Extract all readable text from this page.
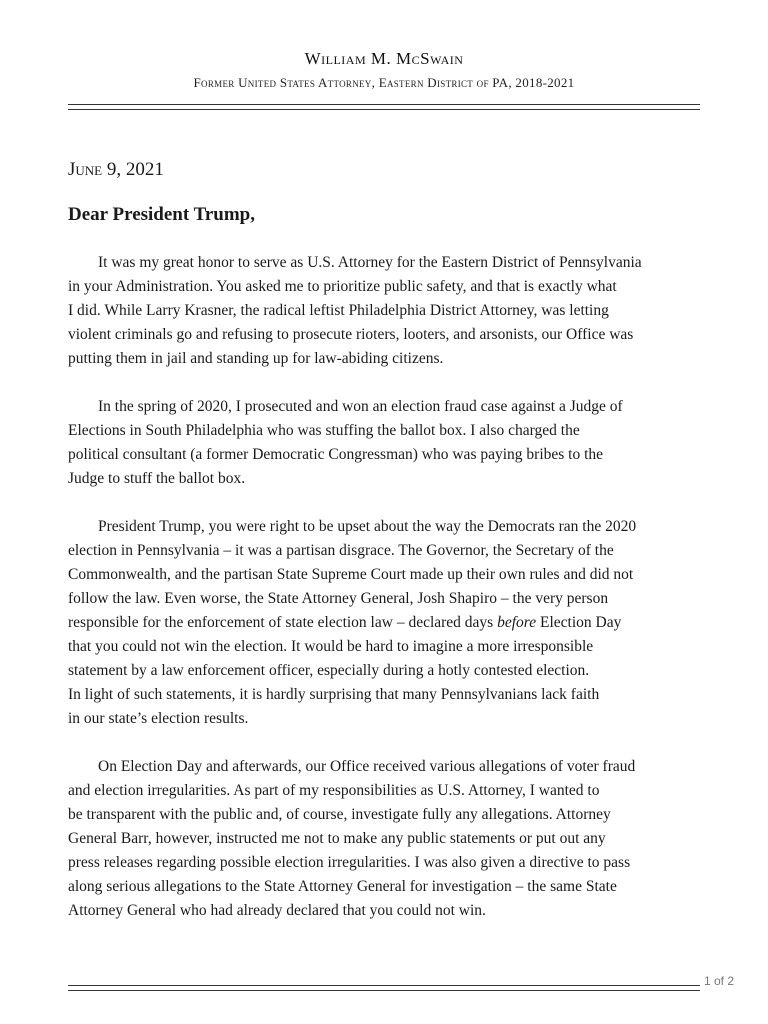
William M. McSwain
Former United States Attorney, Eastern District of PA, 2018-2021
June 9, 2021
Dear President Trump,
It was my great honor to serve as U.S. Attorney for the Eastern District of Pennsylvania
in your Administration. You asked me to prioritize public safety, and that is exactly what
I did. While Larry Krasner, the radical leftist Philadelphia District Attorney, was letting
violent criminals go and refusing to prosecute rioters, looters, and arsonists, our Office was
putting them in jail and standing up for law-abiding citizens.
In the spring of 2020, I prosecuted and won an election fraud case against a Judge of
Elections in South Philadelphia who was stuffing the ballot box. I also charged the
political consultant (a former Democratic Congressman) who was paying bribes to the
Judge to stuff the ballot box.
President Trump, you were right to be upset about the way the Democrats ran the 2020
election in Pennsylvania – it was a partisan disgrace. The Governor, the Secretary of the
Commonwealth, and the partisan State Supreme Court made up their own rules and did not
follow the law. Even worse, the State Attorney General, Josh Shapiro – the very person
responsible for the enforcement of state election law – declared days before Election Day
that you could not win the election. It would be hard to imagine a more irresponsible
statement by a law enforcement officer, especially during a hotly contested election.
In light of such statements, it is hardly surprising that many Pennsylvanians lack faith
in our state’s election results.
On Election Day and afterwards, our Office received various allegations of voter fraud
and election irregularities. As part of my responsibilities as U.S. Attorney, I wanted to
be transparent with the public and, of course, investigate fully any allegations. Attorney
General Barr, however, instructed me not to make any public statements or put out any
press releases regarding possible election irregularities. I was also given a directive to pass
along serious allegations to the State Attorney General for investigation – the same State
Attorney General who had already declared that you could not win.
1 of 2
